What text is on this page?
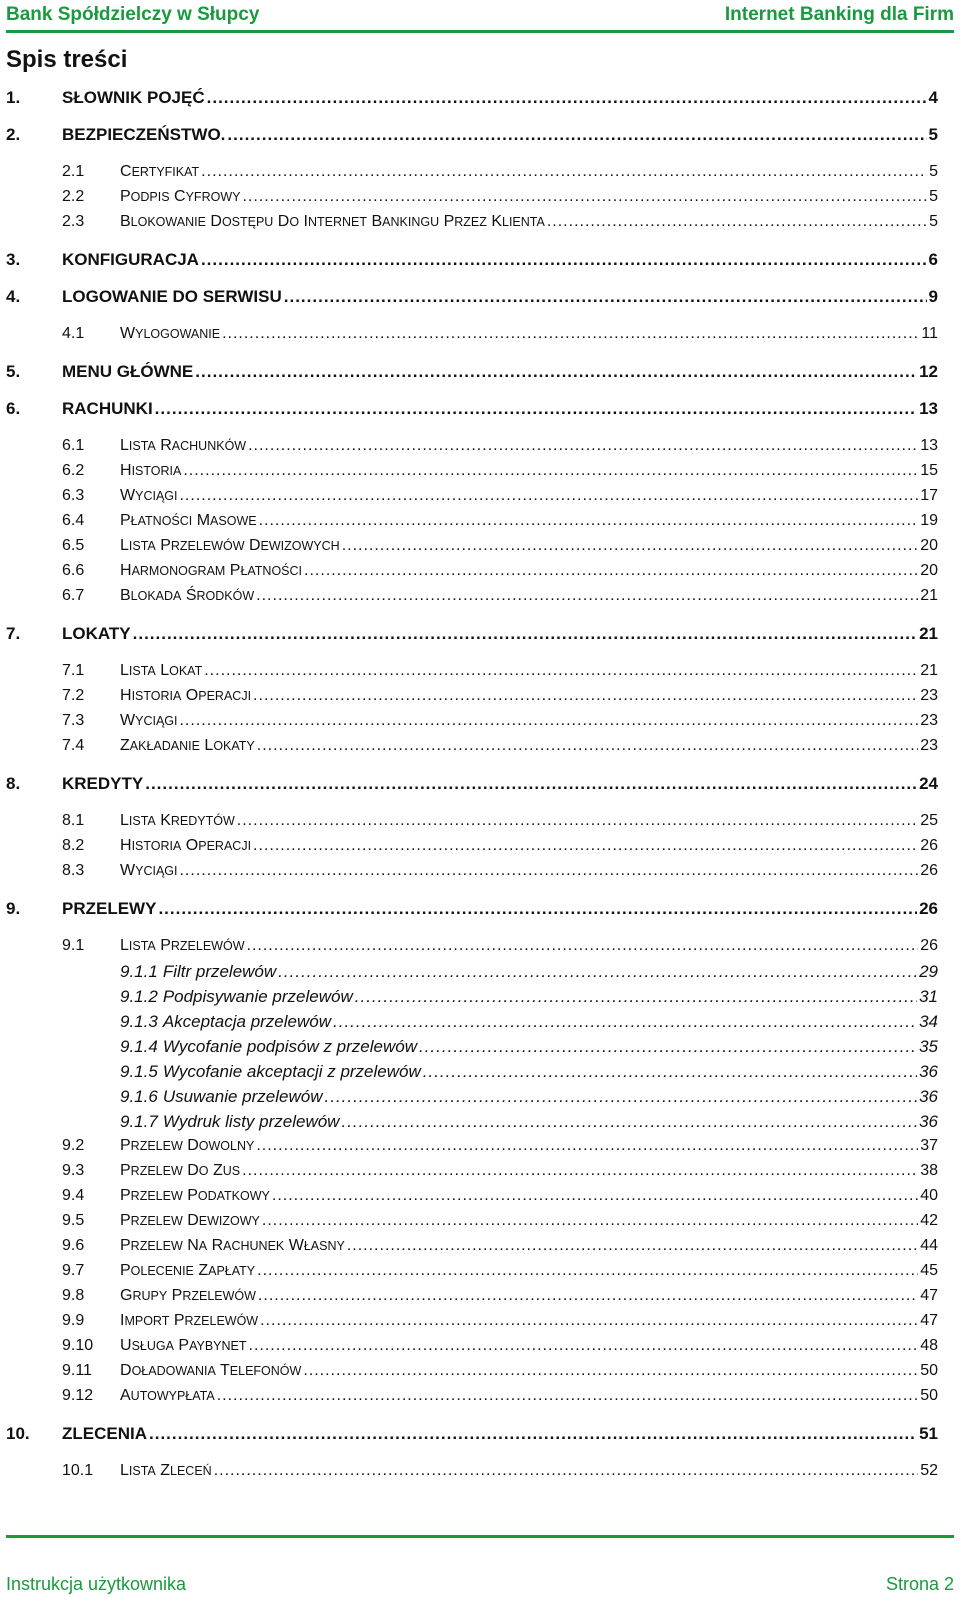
Bank Spółdzielczy w Słupcy	Internet Banking dla Firm
Spis treści
1.	SŁOWNIK POJĘĆ .....	4
2.	BEZPIECZEŃSTWO. .....	5
2.1	CERTYFIKAT .....	5
2.2	PODPIS CYFROWY .....	5
2.3	BLOKOWANIE DOSTĘPU DO INTERNET BANKINGU PRZEZ KLIENTA .....	5
3.	KONFIGURACJA .....	6
4.	LOGOWANIE DO SERWISU .....	9
4.1	WYLOGOWANIE .....	11
5.	MENU GŁÓWNE .....	12
6.	RACHUNKI .....	13
6.1	LISTA RACHUNKÓW .....	13
6.2	HISTORIA .....	15
6.3	WYCIĄGI .....	17
6.4	PŁATNOŚCI MASOWE .....	19
6.5	LISTA PRZELEWÓW DEWIZOWYCH .....	20
6.6	HARMONOGRAM PŁATNOŚCI .....	20
6.7	BLOKADA ŚRODKÓW .....	21
7.	LOKATY .....	21
7.1	LISTA LOKAT .....	21
7.2	HISTORIA OPERACJI .....	23
7.3	WYCIĄGI .....	23
7.4	ZAKŁADANIE LOKATY .....	23
8.	KREDYTY .....	24
8.1	LISTA KREDYTÓW .....	25
8.2	HISTORIA OPERACJI .....	26
8.3	WYCIĄGI .....	26
9.	PRZELEWY .....	26
9.1	LISTA PRZELEWÓW .....	26
9.1.1 Filtr przelewów .....	29
9.1.2 Podpisywanie przelewów .....	31
9.1.3 Akceptacja przelewów .....	34
9.1.4 Wycofanie podpisów z przelewów .....	35
9.1.5 Wycofanie akceptacji z przelewów .....	36
9.1.6 Usuwanie przelewów .....	36
9.1.7 Wydruk listy przelewów .....	36
9.2	PRZELEW DOWOLNY .....	37
9.3	PRZELEW DO ZUS .....	38
9.4	PRZELEW PODATKOWY .....	40
9.5	PRZELEW DEWIZOWY .....	42
9.6	PRZELEW NA RACHUNEK WŁASNY .....	44
9.7	POLECENIE ZAPŁATY .....	45
9.8	GRUPY PRZELEWÓW .....	47
9.9	IMPORT PRZELEWÓW .....	47
9.10	USŁUGA PAYBYNET .....	48
9.11	DOŁADOWANIA TELEFONÓW .....	50
9.12	AUTOWYPŁATA .....	50
10.	ZLECENIA .....	51
10.1	LISTA ZLECEŃ .....	52
Instrukcja użytkownika	Strona 2
